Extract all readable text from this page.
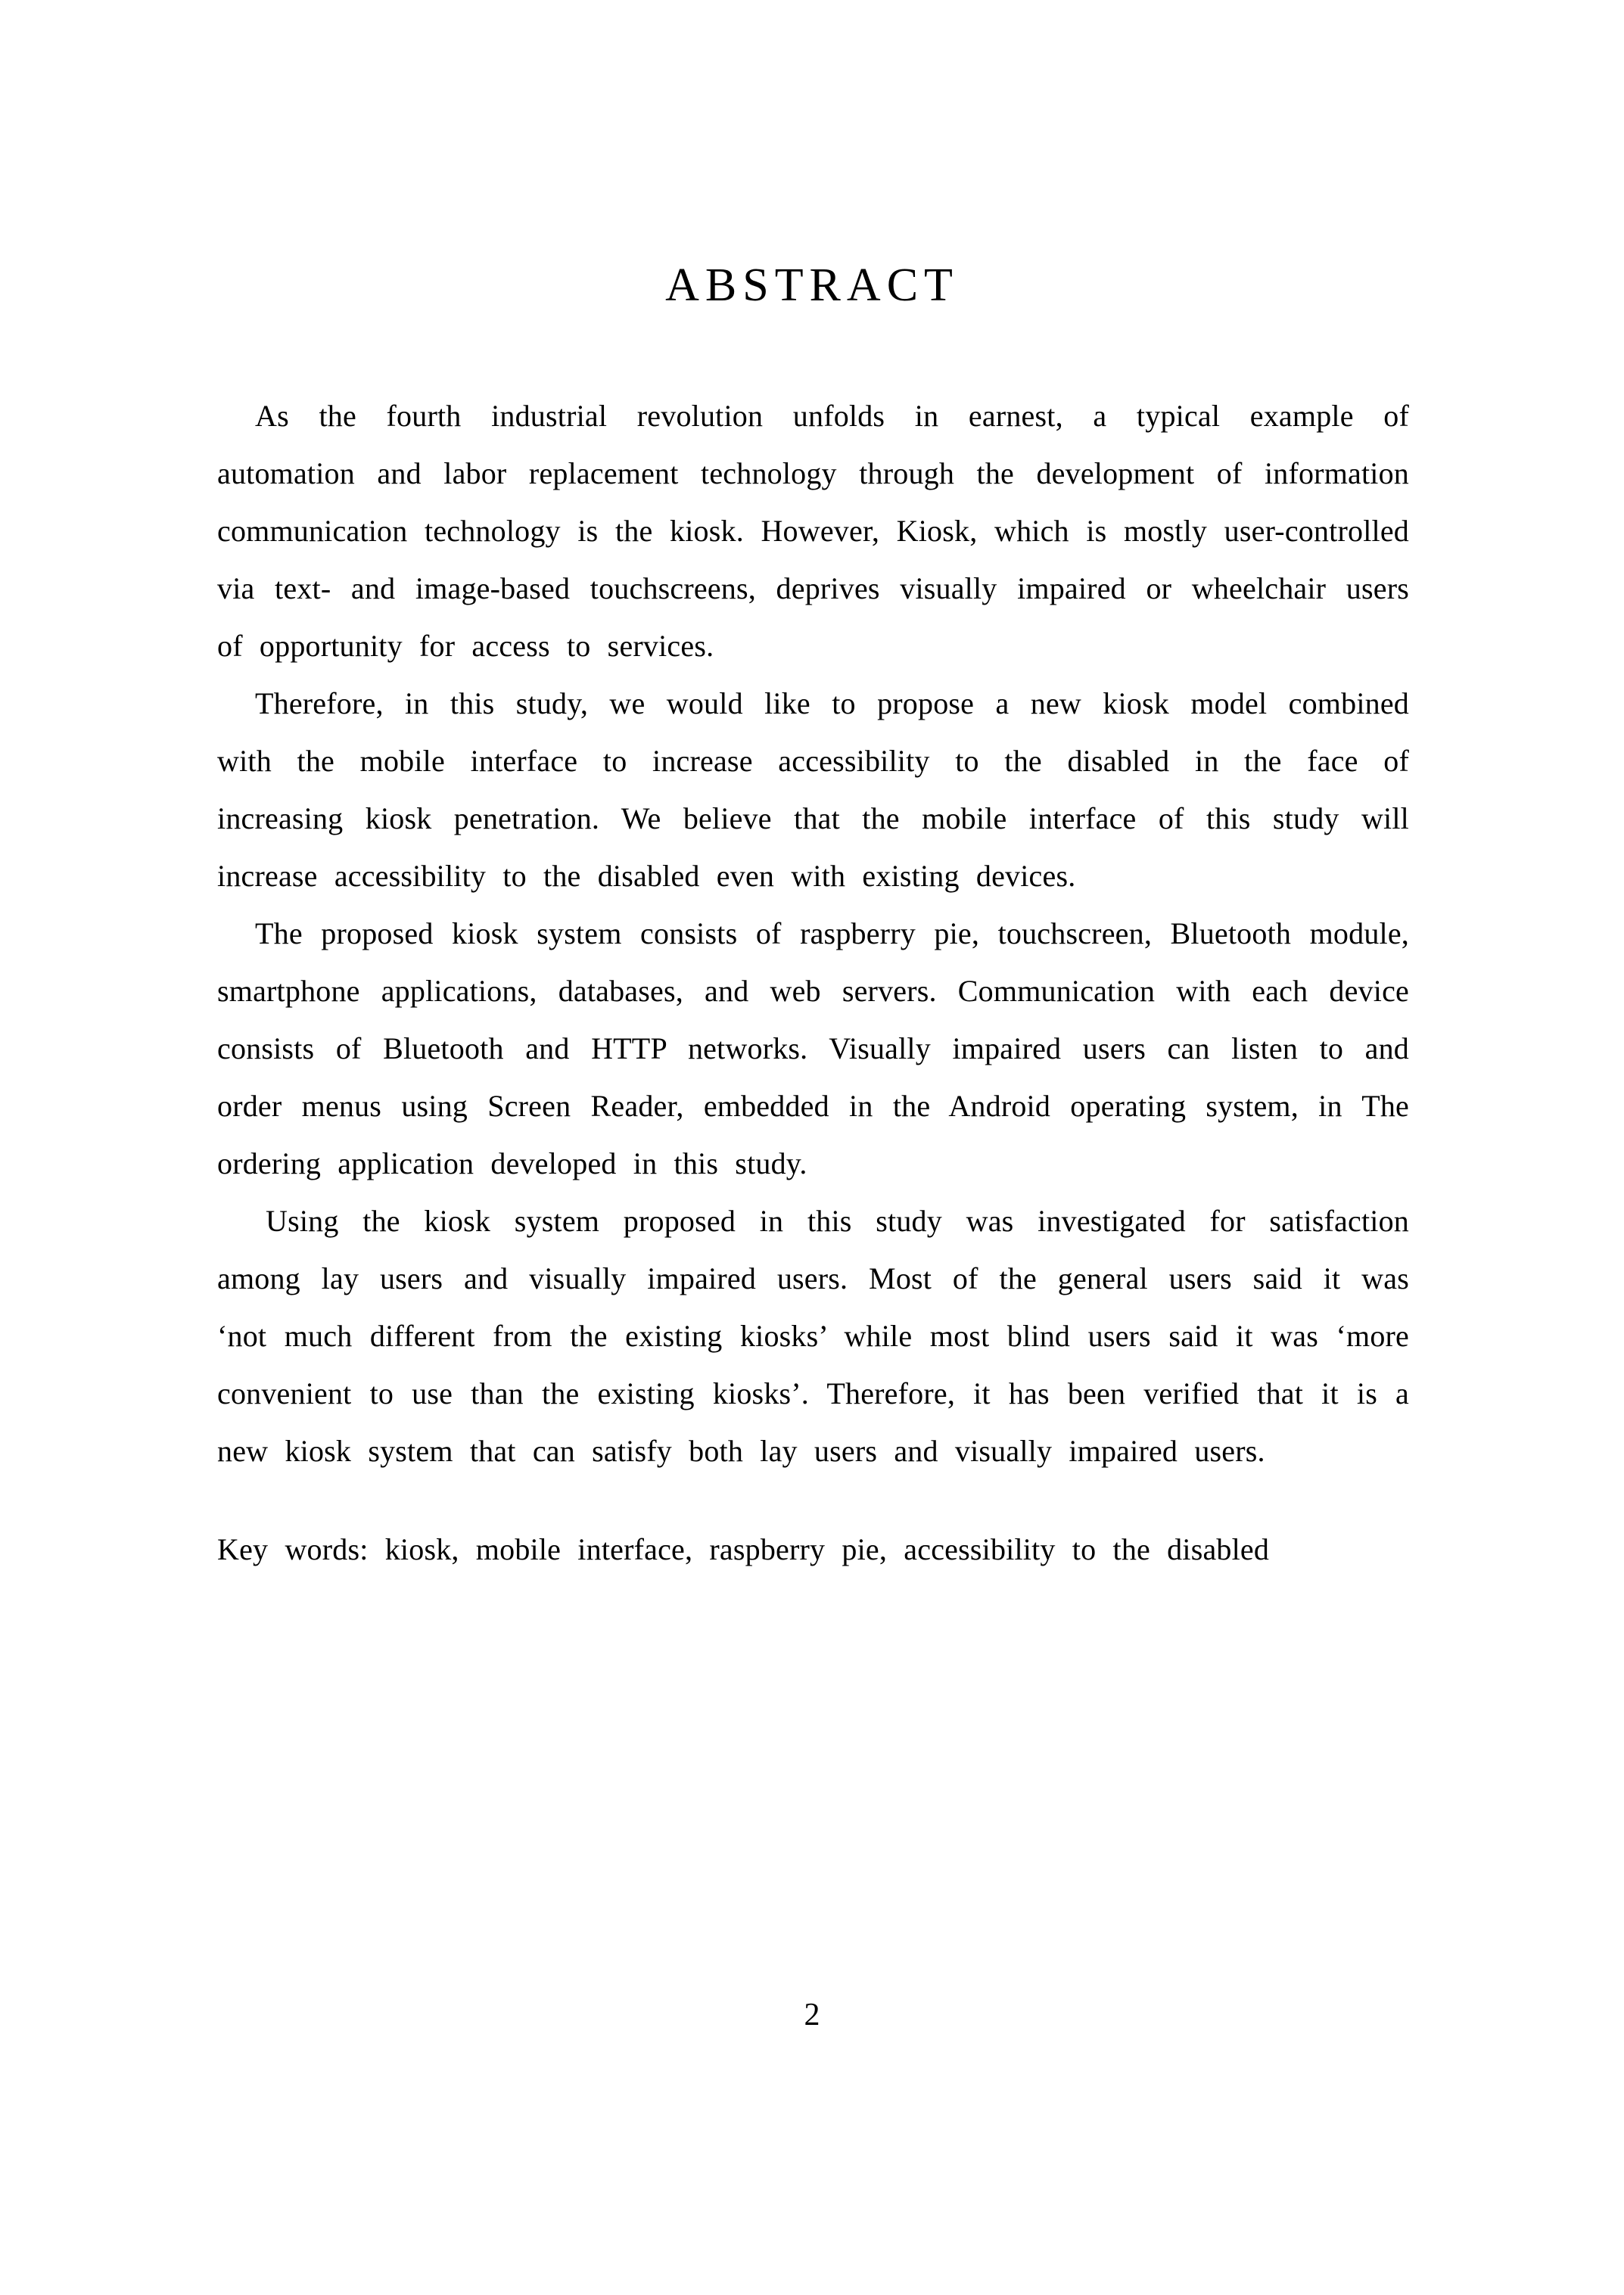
ABSTRACT

As the fourth industrial revolution unfolds in earnest, a typical example of automation and labor replacement technology through the development of information communication technology is the kiosk. However, Kiosk, which is mostly user-controlled via text- and image-based touchscreens, deprives visually impaired or wheelchair users of opportunity for access to services.

Therefore, in this study, we would like to propose a new kiosk model combined with the mobile interface to increase accessibility to the disabled in the face of increasing kiosk penetration. We believe that the mobile interface of this study will increase accessibility to the disabled even with existing devices.

The proposed kiosk system consists of raspberry pie, touchscreen, Bluetooth module, smartphone applications, databases, and web servers. Communication with each device consists of Bluetooth and HTTP networks. Visually impaired users can listen to and order menus using Screen Reader, embedded in the Android operating system, in The ordering application developed in this study.

Using the kiosk system proposed in this study was investigated for satisfaction among lay users and visually impaired users. Most of the general users said it was ‘not much different from the existing kiosks’ while most blind users said it was ‘more convenient to use than the existing kiosks’. Therefore, it has been verified that it is a new kiosk system that can satisfy both lay users and visually impaired users.

Key words: kiosk, mobile interface, raspberry pie, accessibility to the disabled

2
